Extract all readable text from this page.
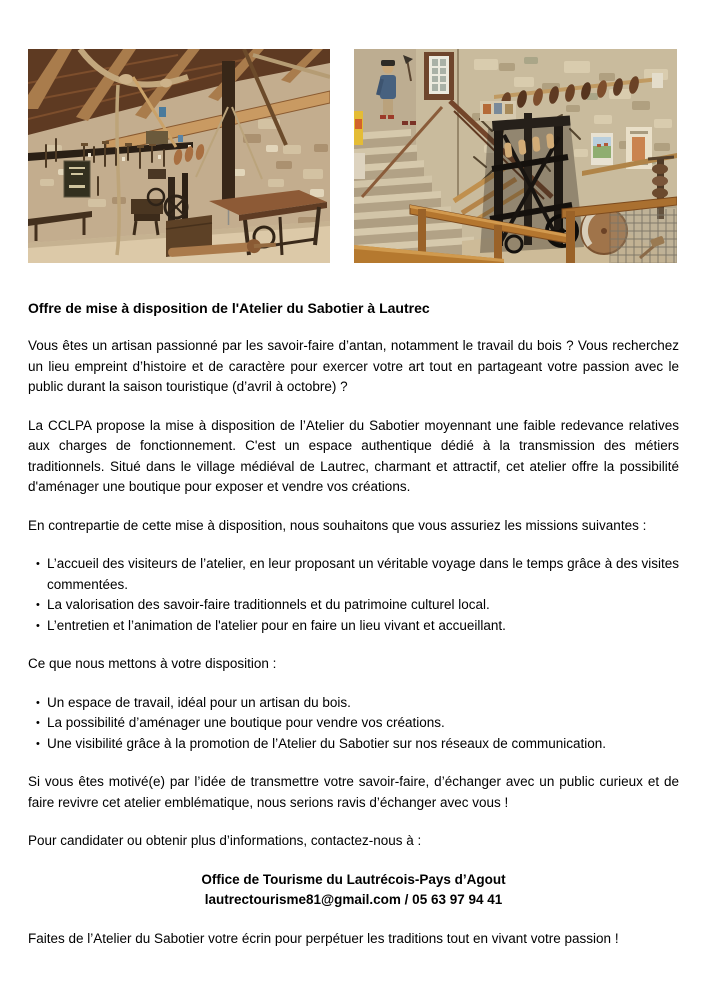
Offre de mise à disposition de l'Atelier du Sabotier à Lautrec

Vous êtes un artisan passionné par les savoir-faire d’antan, notamment le travail du bois ? Vous recherchez un lieu empreint d’histoire et de caractère pour exercer votre art tout en partageant votre passion avec le public durant la saison touristique (d’avril à octobre) ?

La CCLPA propose la mise à disposition de l’Atelier du Sabotier moyennant une faible redevance relatives aux charges de fonctionnement. C'est un espace authentique dédié à la transmission des métiers traditionnels. Situé dans le village médiéval de Lautrec, charmant et attractif, cet atelier offre la possibilité d'aménager une boutique pour exposer et vendre vos créations.

En contrepartie de cette mise à disposition, nous souhaitons que vous assuriez les missions suivantes :

• L’accueil des visiteurs de l’atelier, en leur proposant un véritable voyage dans le temps grâce à des visites commentées.
• La valorisation des savoir-faire traditionnels et du patrimoine culturel local.
• L’entretien et l’animation de l'atelier pour en faire un lieu vivant et accueillant.

Ce que nous mettons à votre disposition :

• Un espace de travail, idéal pour un artisan du bois.
• La possibilité d’aménager une boutique pour vendre vos créations.
• Une visibilité grâce à la promotion de l’Atelier du Sabotier sur nos réseaux de communication.

Si vous êtes motivé(e) par l’idée de transmettre votre savoir-faire, d’échanger avec un public curieux et de faire revivre cet atelier emblématique, nous serions ravis d’échanger avec vous !

Pour candidater ou obtenir plus d’informations, contactez-nous à :

Office de Tourisme du Lautrécois-Pays d’Agout
lautrectourisme81@gmail.com / 05 63 97 94 41

Faites de l’Atelier du Sabotier votre écrin pour perpétuer les traditions tout en vivant votre passion !
